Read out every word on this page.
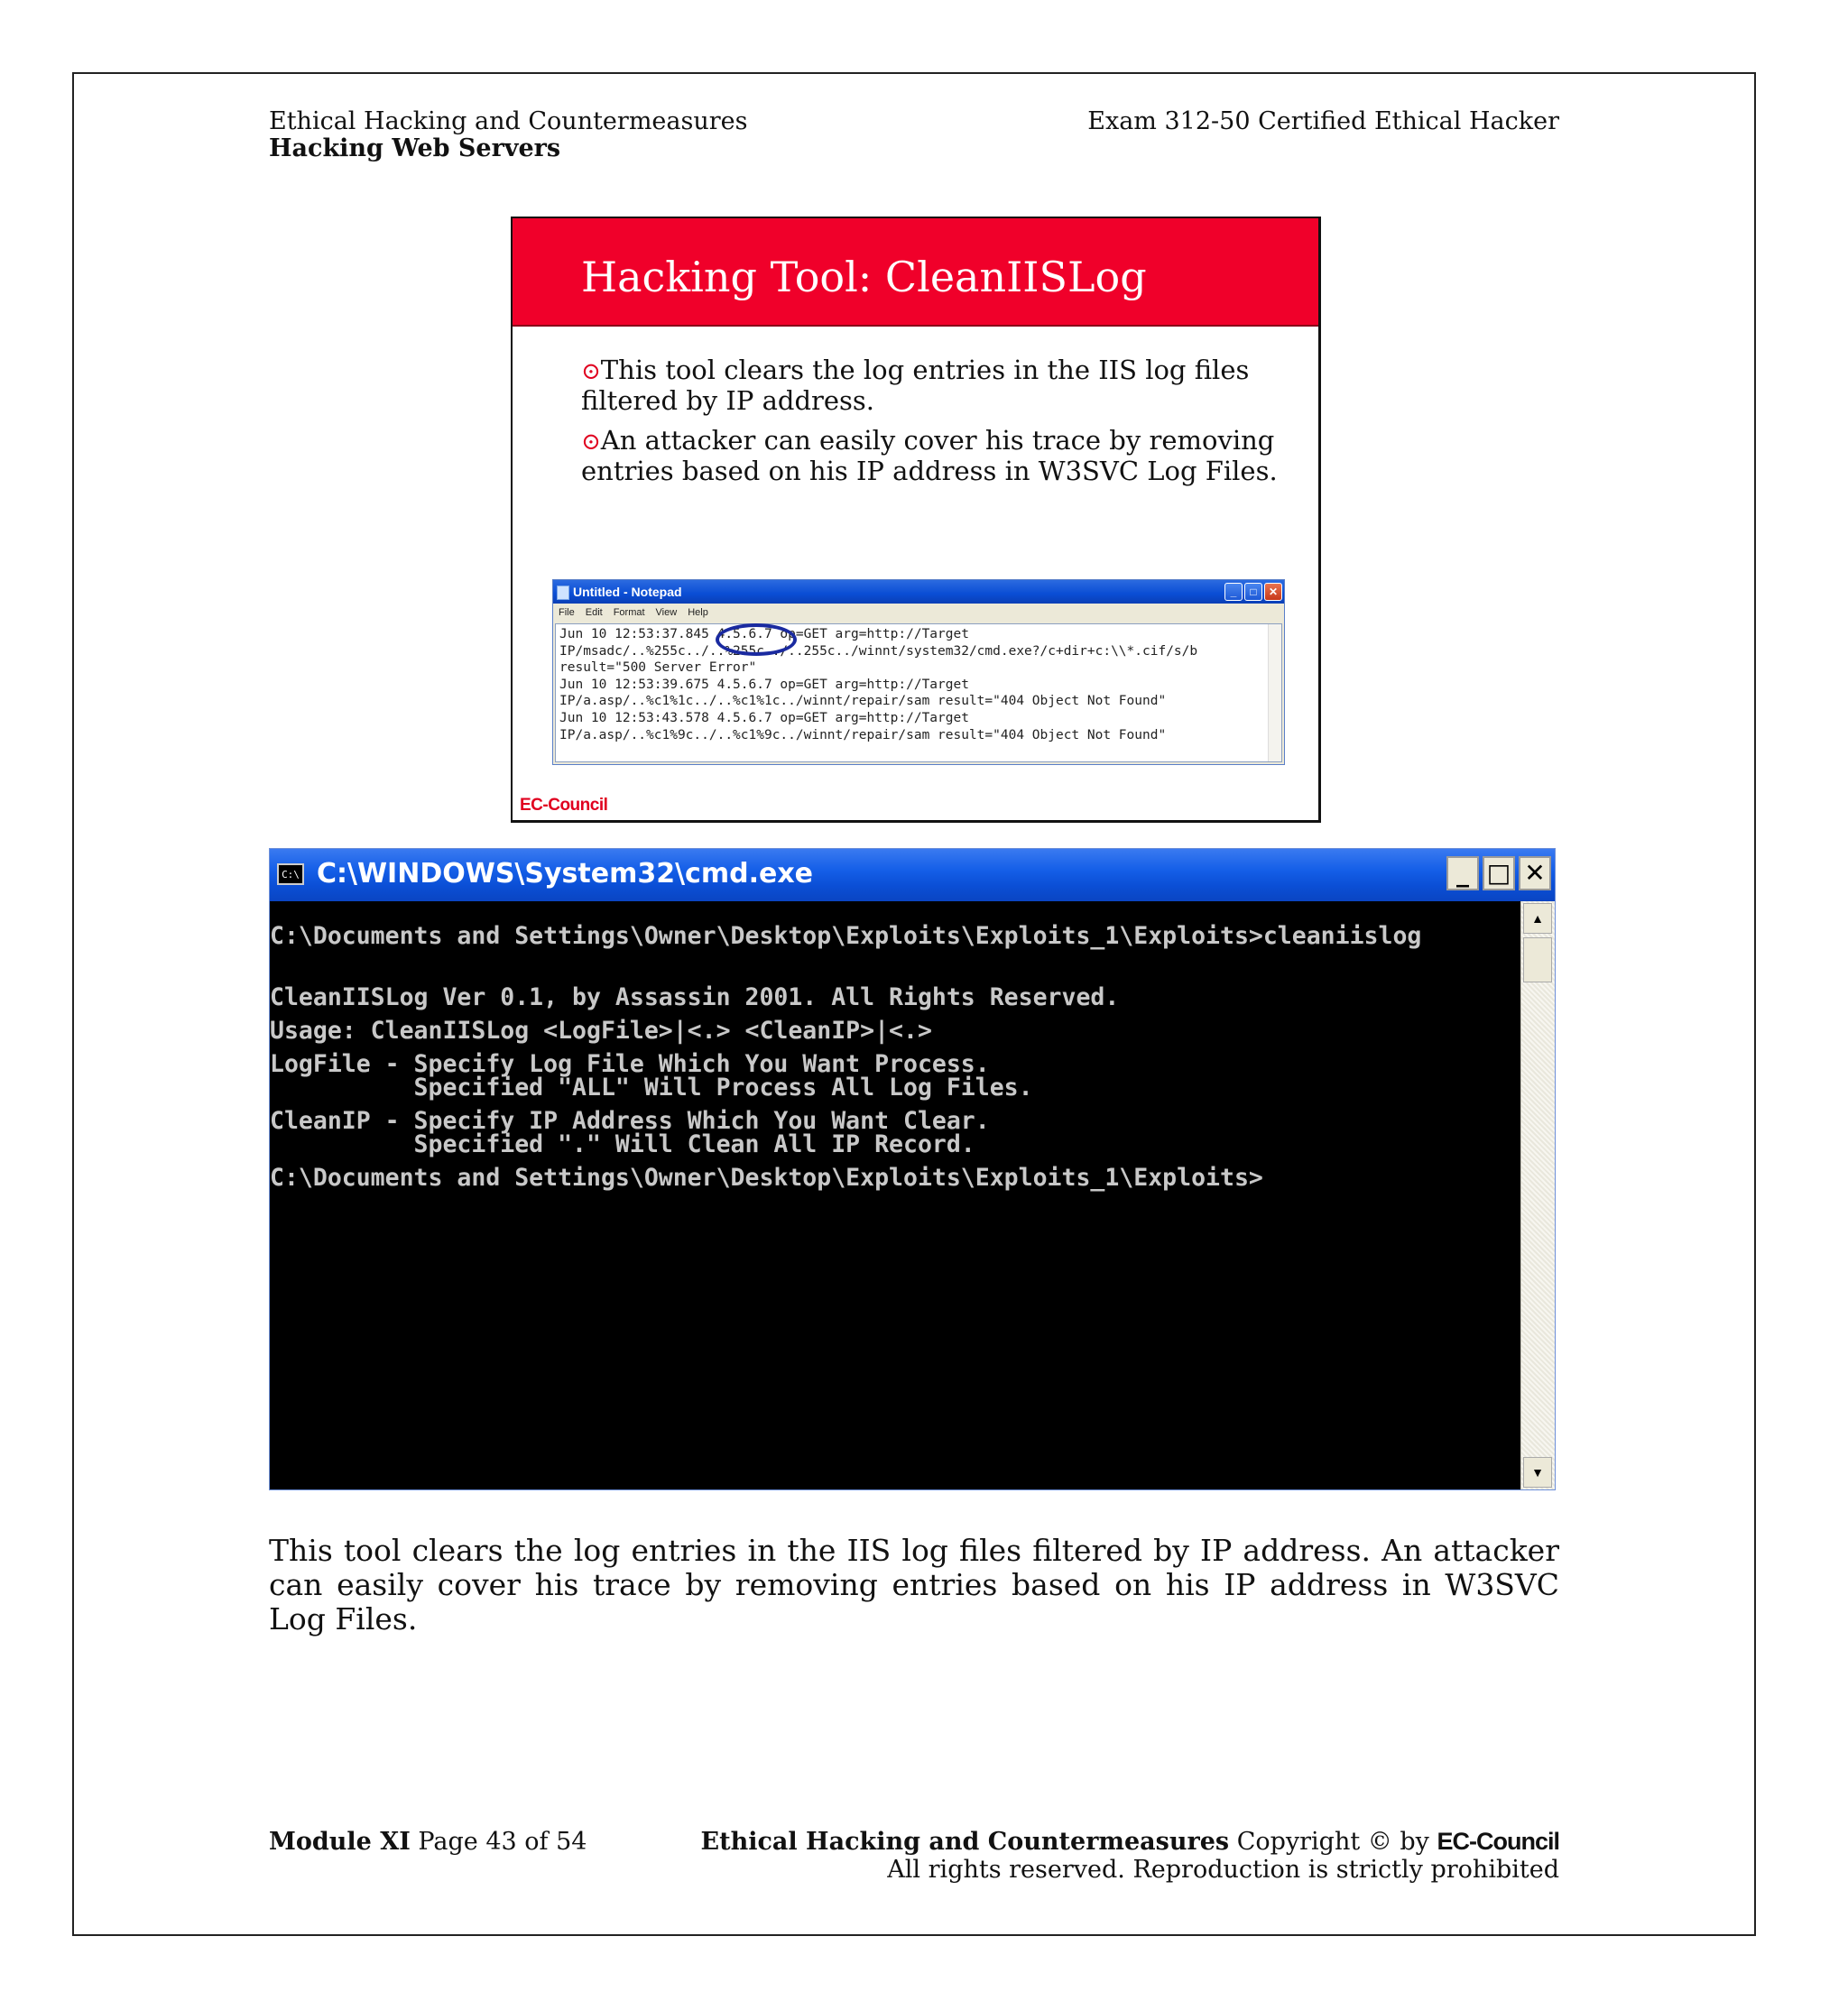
Ethical Hacking and Countermeasures
Hacking Web Servers
Exam 312-50 Certified Ethical Hacker
Hacking Tool: CleanIISLog
⊙This tool clears the log entries in the IIS log files filtered by IP address.
⊙An attacker can easily cover his trace by removing entries based on his IP address in W3SVC Log Files.
Untitled - Notepad	_	□	✕
File Edit Format View Help
Jun 10 12:53:37.845 4.5.6.7 op=GET arg=http://Target
IP/msadc/..%255c../..%255c../..255c../winnt/system32/cmd.exe?/c+dir+c:\\*.cif/s/b
result="500 Server Error"
Jun 10 12:53:39.675 4.5.6.7 op=GET arg=http://Target
IP/a.asp/..%c1%1c../..%c1%1c../winnt/repair/sam result="404 Object Not Found"
Jun 10 12:53:43.578 4.5.6.7 op=GET arg=http://Target
IP/a.asp/..%c1%9c../..%c1%9c../winnt/repair/sam result="404 Object Not Found"
EC-Council
C:\ C:\WINDOWS\System32\cmd.exe	_ □ ✕
C:\Documents and Settings\Owner\Desktop\Exploits\Exploits_1\Exploits>cleaniislog

CleanIISLog Ver 0.1, by Assassin 2001. All Rights Reserved.
Usage: CleanIISLog <LogFile>|<.> <CleanIP>|<.>
LogFile - Specify Log File Which You Want Process.
Specified "ALL" Will Process All Log Files.
CleanIP - Specify IP Address Which You Want Clear.
Specified "." Will Clean All IP Record.
C:\Documents and Settings\Owner\Desktop\Exploits\Exploits_1\Exploits>
▲
▼
This tool clears the log entries in the IIS log files filtered by IP address. An attacker can easily cover his trace by removing entries based on his IP address in W3SVC Log Files.
Module XI Page 43 of 54	Ethical Hacking and Countermeasures Copyright © by EC-Council
All rights reserved. Reproduction is strictly prohibited
